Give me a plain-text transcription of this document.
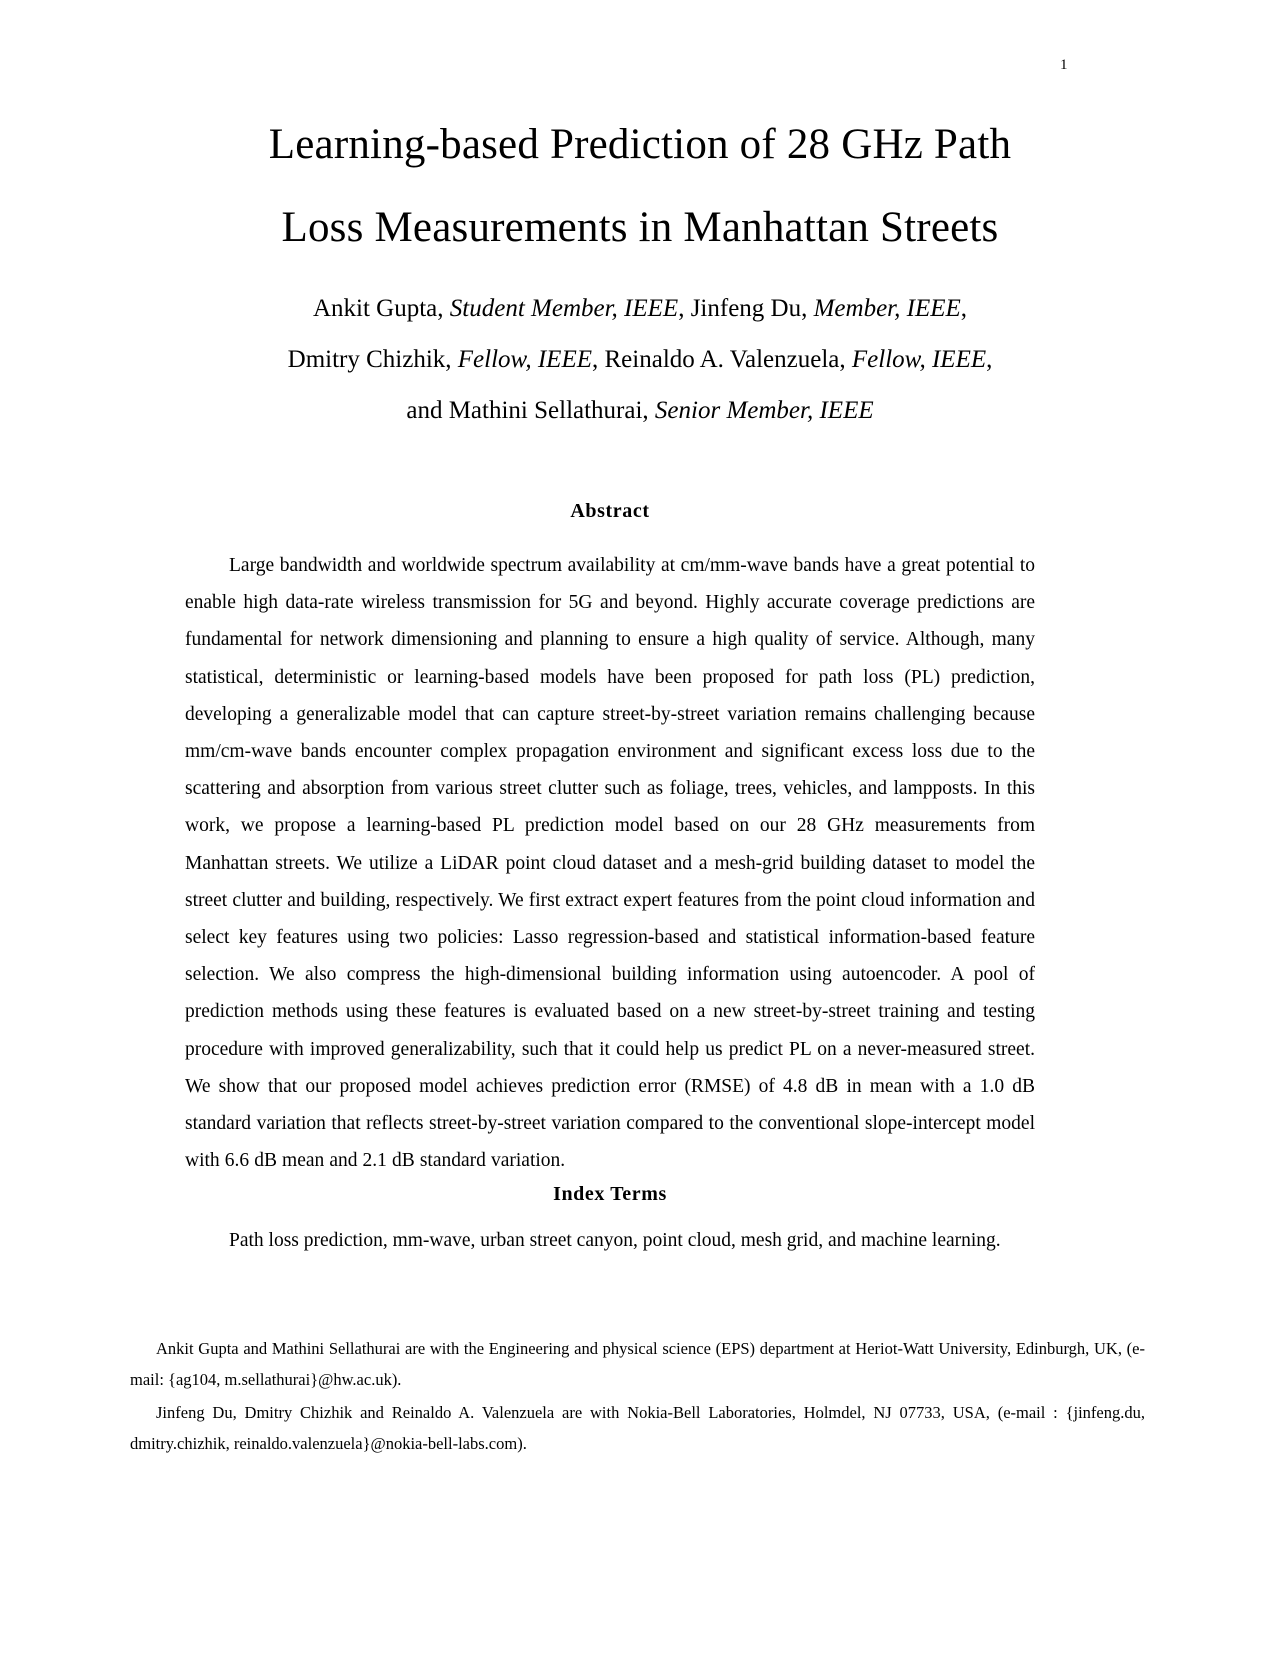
1
Learning-based Prediction of 28 GHz Path
Loss Measurements in Manhattan Streets
Ankit Gupta, Student Member, IEEE, Jinfeng Du, Member, IEEE,
Dmitry Chizhik, Fellow, IEEE, Reinaldo A. Valenzuela, Fellow, IEEE,
and Mathini Sellathurai, Senior Member, IEEE
Abstract
Large bandwidth and worldwide spectrum availability at cm/mm-wave bands have a great potential to enable high data-rate wireless transmission for 5G and beyond. Highly accurate coverage predictions are fundamental for network dimensioning and planning to ensure a high quality of service. Although, many statistical, deterministic or learning-based models have been proposed for path loss (PL) prediction, developing a generalizable model that can capture street-by-street variation remains challenging because mm/cm-wave bands encounter complex propagation environment and significant excess loss due to the scattering and absorption from various street clutter such as foliage, trees, vehicles, and lampposts. In this work, we propose a learning-based PL prediction model based on our 28 GHz measurements from Manhattan streets. We utilize a LiDAR point cloud dataset and a mesh-grid building dataset to model the street clutter and building, respectively. We first extract expert features from the point cloud information and select key features using two policies: Lasso regression-based and statistical information-based feature selection. We also compress the high-dimensional building information using autoencoder. A pool of prediction methods using these features is evaluated based on a new street-by-street training and testing procedure with improved generalizability, such that it could help us predict PL on a never-measured street. We show that our proposed model achieves prediction error (RMSE) of 4.8 dB in mean with a 1.0 dB standard variation that reflects street-by-street variation compared to the conventional slope-intercept model with 6.6 dB mean and 2.1 dB standard variation.
Index Terms
Path loss prediction, mm-wave, urban street canyon, point cloud, mesh grid, and machine learning.

Ankit Gupta and Mathini Sellathurai are with the Engineering and physical science (EPS) department at Heriot-Watt University, Edinburgh, UK, (e-mail: {ag104, m.sellathurai}@hw.ac.uk).

Jinfeng Du, Dmitry Chizhik and Reinaldo A. Valenzuela are with Nokia-Bell Laboratories, Holmdel, NJ 07733, USA, (e-mail : {jinfeng.du, dmitry.chizhik, reinaldo.valenzuela}@nokia-bell-labs.com).
